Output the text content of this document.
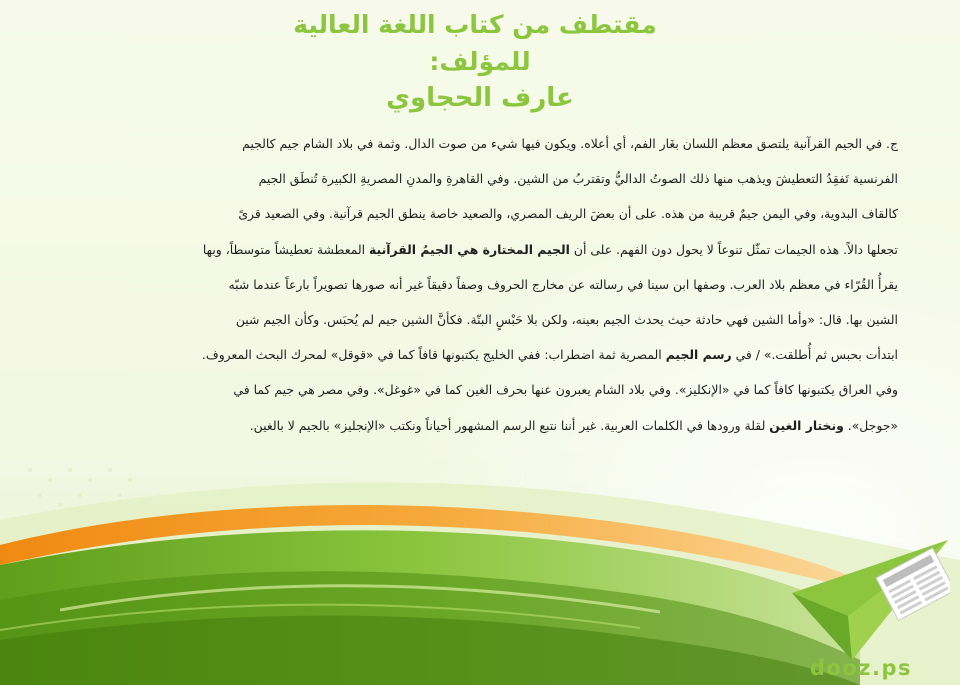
مقتطف من كتاب اللغة العالية
للمؤلف:
عارف الحجاوي
ج. في الجيم القرآنية يلتصق معظم اللسان بغَار الفم، أي أعلاه. ويكون فيها شيء من صوت الدال. وثمة في بلاد الشام جيم كالجيم
الفرنسية تَفقِدُ التعطيشَ ويذهب منها ذلك الصوتُ الداليُّ وتقتربُ من الشين. وفي القاهرةِ والمدنِ المصريةِ الكبيرة تُنطَق الجيم
كالقاف البدوية، وفي اليمن جيمٌ قريبة من هذه. على أن بعضَ الريف المصري، والصعيد خاصة ينطق الجيم قرآنية. وفي الصعيد قرىً
تجعلها دالاً. هذه الجيمات تمثّل تنوعاً لا يحول دون الفهم. على أن الجيم المختارة هي الجيمُ القرآنية المعطشة تعطيشاً متوسطاً، وبها
يقرأُ القُرّاء في معظم بلاد العرب. وصفها ابن سينا في رسالته عن مخارج الحروف وصفاً دقيقاً غير أنه صورها تصويراً بارعاً عندما شبّه
الشين بها. قال: «وأما الشين فهي حادثة حيث يحدث الجيم بعينه، ولكن بلا حَبْسٍ البتّة. فكأنَّ الشين جيم لم يُحبَس. وكأن الجيم شين
ابتدأت بحبس ثم أُطلقت.» / في رسم الجيم المصرية ثمة اضطراب: ففي الخليج يكتبونها قافاً كما في «قوقل» لمحرك البحث المعروف.
وفي العراق يكتبونها كافاً كما في «الإنكليز». وفي بلاد الشام يعبرون عنها بحرف الغين كما في «غوغل». وفي مصر هي جيم كما في
«جوجل». ونختار الغين لقلة ورودها في الكلمات العربية. غير أننا نتبع الرسم المشهور أحياناً ونكتب «الإنجليز» بالجيم لا بالغين.
dooz.ps
